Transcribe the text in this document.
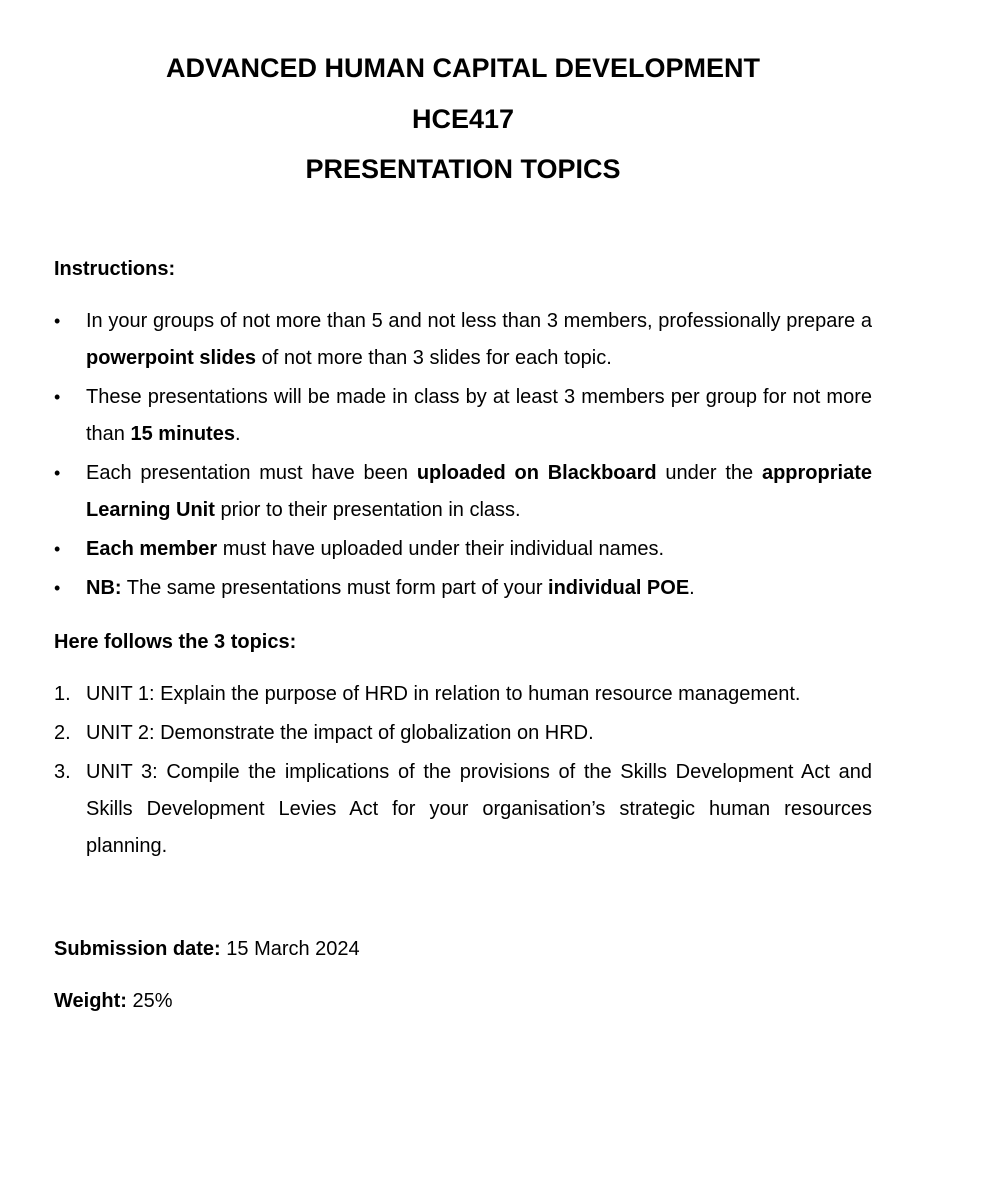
ADVANCED HUMAN CAPITAL DEVELOPMENT
HCE417
PRESENTATION TOPICS

Instructions:

•	In your groups of not more than 5 and not less than 3 members, professionally prepare a powerpoint slides of not more than 3 slides for each topic.
•	These presentations will be made in class by at least 3 members per group for not more than 15 minutes.
•	Each presentation must have been uploaded on Blackboard under the appropriate Learning Unit prior to their presentation in class.
•	Each member must have uploaded under their individual names.
•	NB: The same presentations must form part of your individual POE.

Here follows the 3 topics:

1. UNIT 1: Explain the purpose of HRD in relation to human resource management.
2. UNIT 2: Demonstrate the impact of globalization on HRD.
3. UNIT 3: Compile the implications of the provisions of the Skills Development Act and Skills Development Levies Act for your organisation’s strategic human resources planning.

Submission date: 15 March 2024

Weight: 25%
